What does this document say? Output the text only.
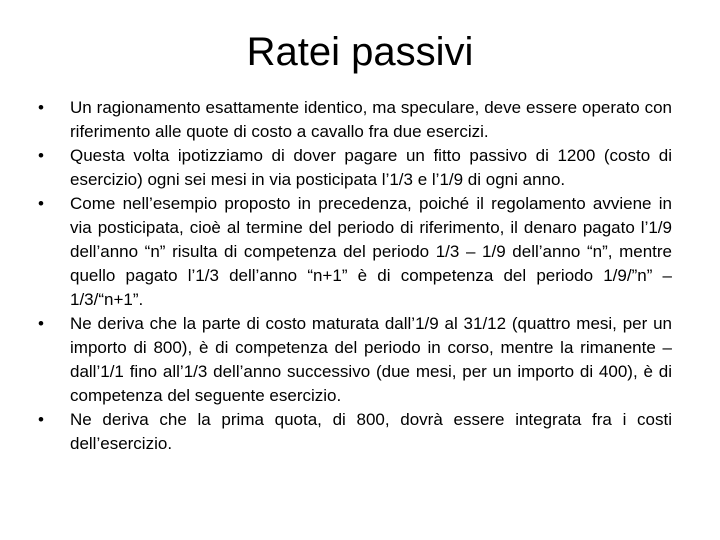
Ratei passivi
•	Un ragionamento esattamente identico, ma speculare, deve essere operato con riferimento alle quote di costo a cavallo fra due esercizi.
•	Questa volta ipotizziamo di dover pagare un fitto passivo di 1200 (costo di esercizio) ogni sei mesi in via posticipata l’1/3 e l’1/9 di ogni anno.
•	Come nell’esempio proposto in precedenza, poiché il regolamento avviene in via posticipata, cioè al termine del periodo di riferimento, il denaro pagato l’1/9 dell’anno “n” risulta di competenza del periodo 1/3 – 1/9 dell’anno “n”, mentre quello pagato l’1/3 dell’anno “n+1” è di competenza del periodo 1/9/”n” – 1/3/“n+1”.
•	Ne deriva che la parte di costo maturata dall’1/9 al 31/12 (quattro mesi, per un importo di 800), è di competenza del periodo in corso, mentre la rimanente – dall’1/1 fino all’1/3 dell’anno successivo (due mesi, per un importo di 400), è di competenza del seguente esercizio.
•	Ne deriva che la prima quota, di 800, dovrà essere integrata fra i costi dell’esercizio.
